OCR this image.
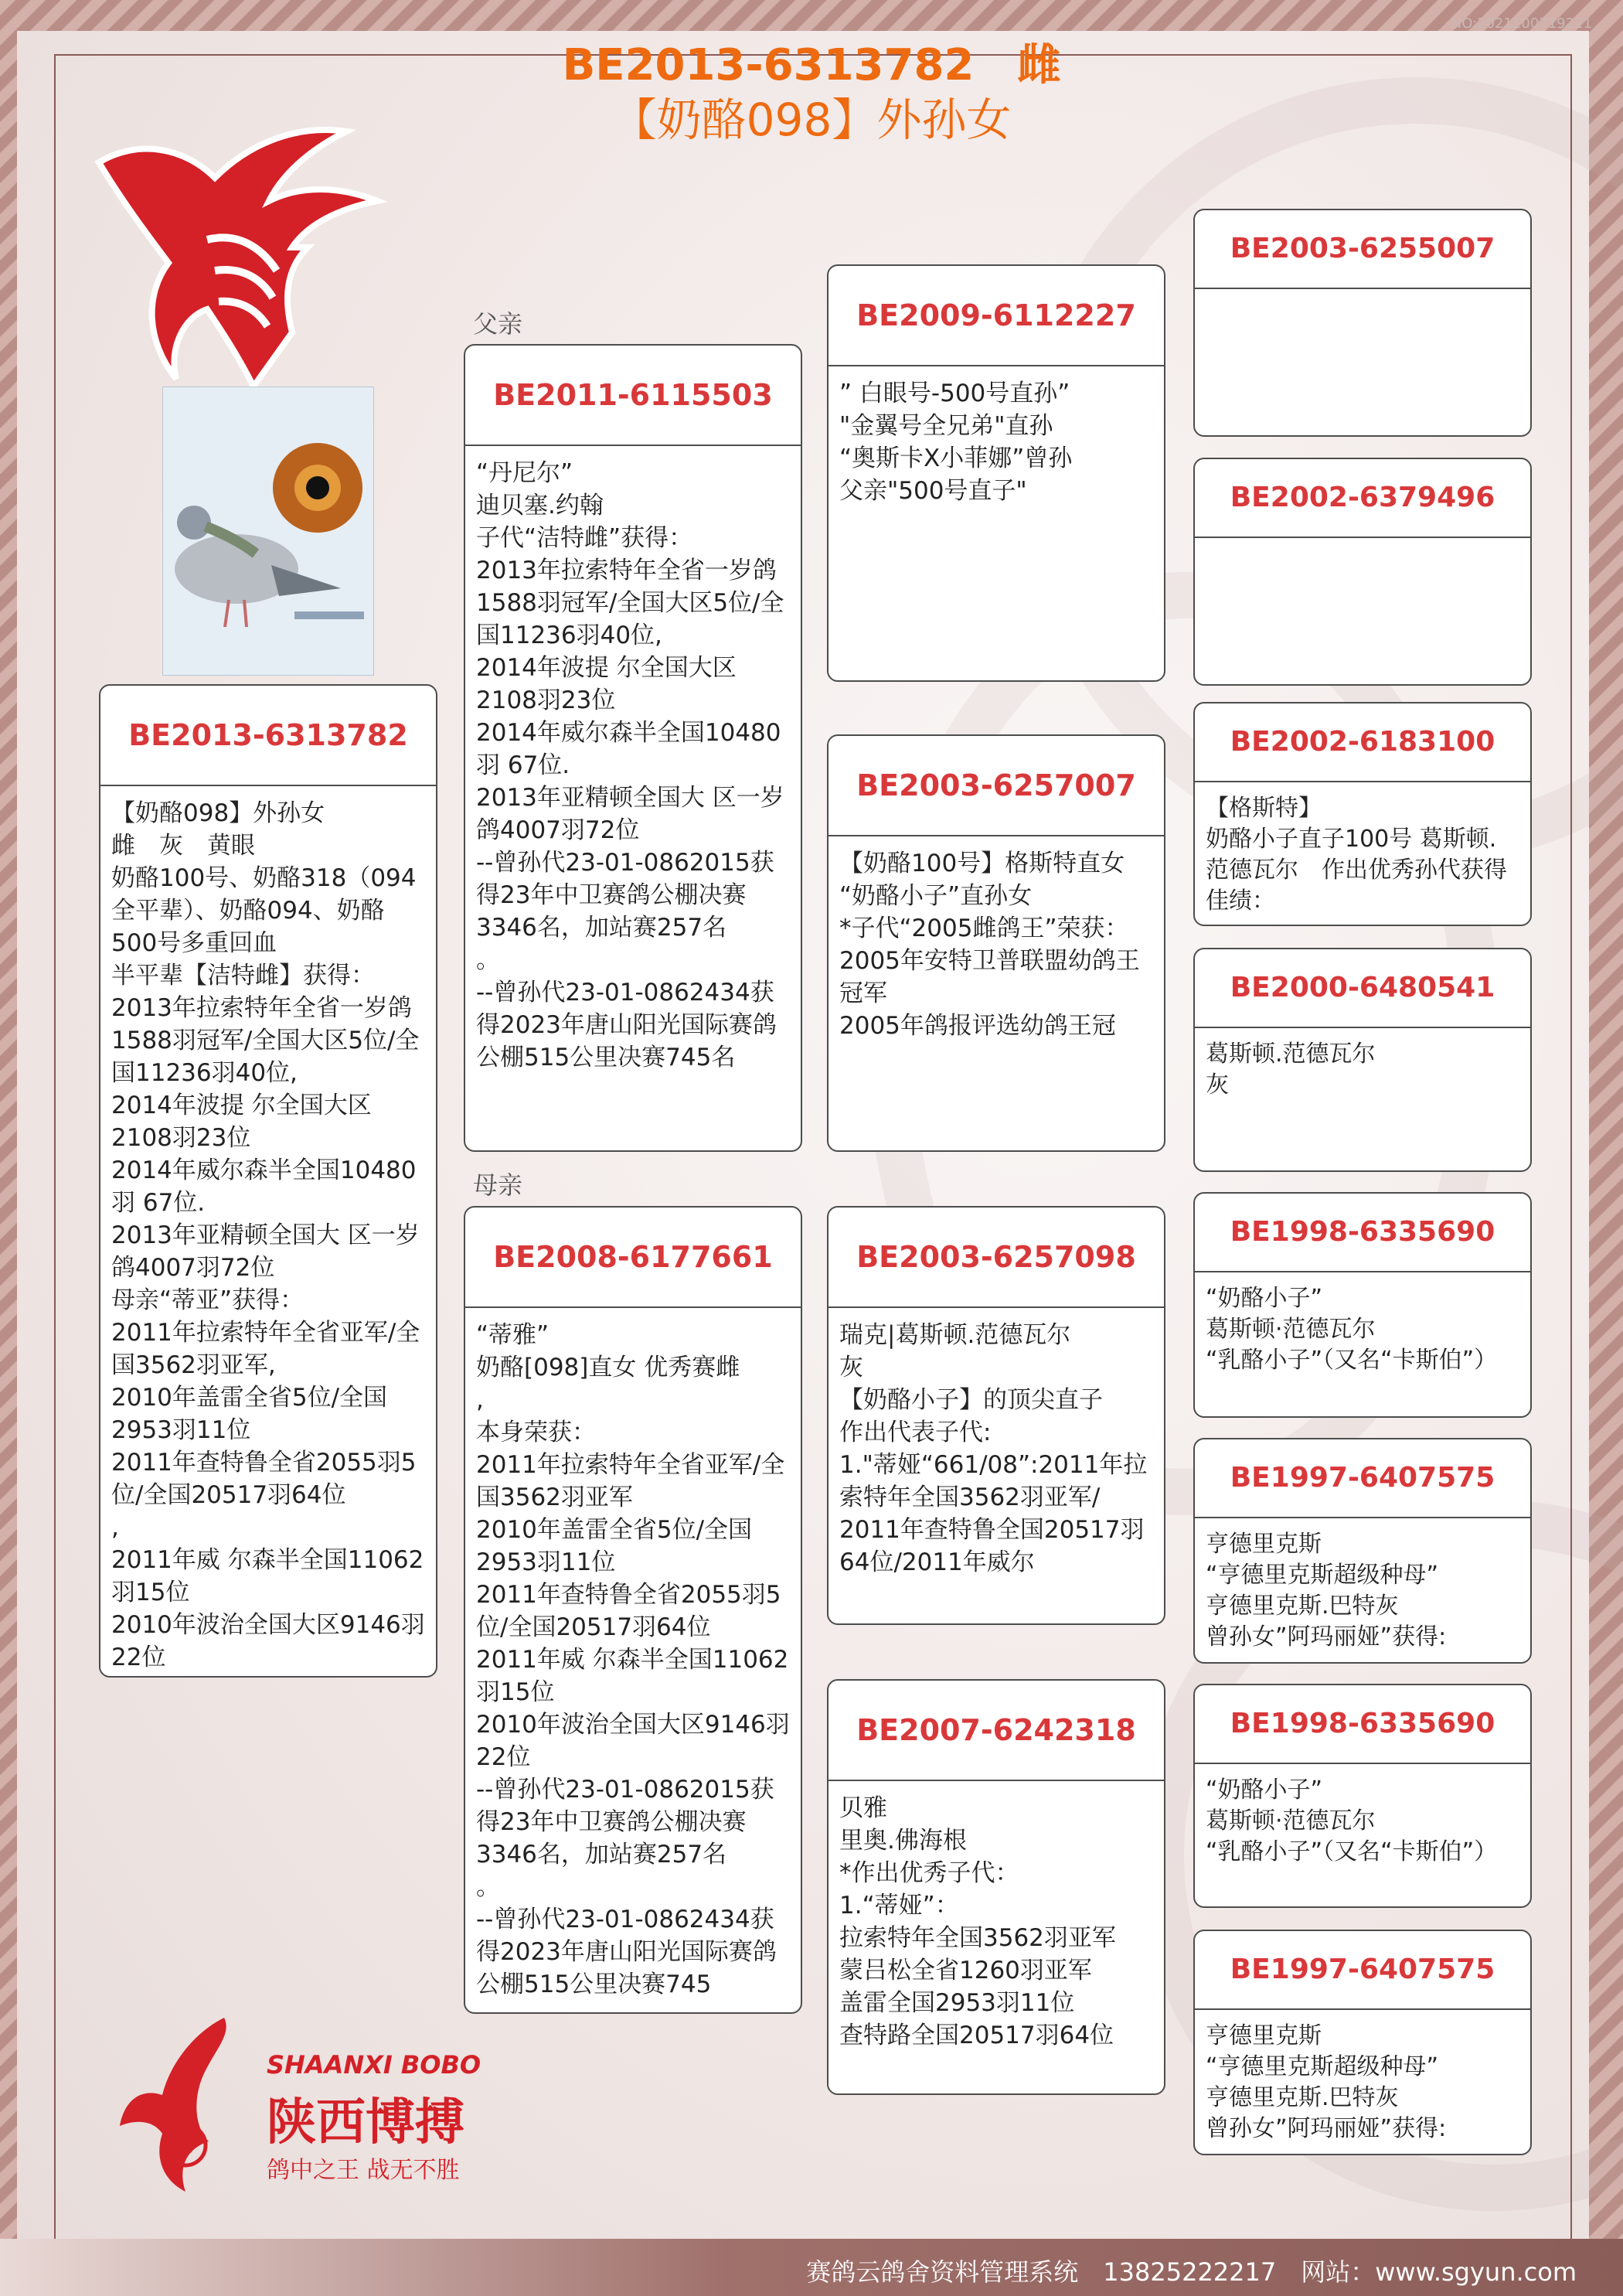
NO:2021100719221
BE2013-6313782　 雌
【奶酪098】外孙女
父亲
母亲
BE2013-6313782
【奶酪098】外孙女
雌　灰　黄眼
奶酪100号、奶酪318（094全平辈）、奶酪094、奶酪500号多重回血
半平辈【洁特雌】获得：
2013年拉索特年全省一岁鸽 1588羽冠军/全国大区5位/全国11236羽40位,
2014年波提 尔全国大区2108羽23位
2014年威尔森半全国10480羽 67位.
2013年亚精顿全国大 区一岁鸽4007羽72位
母亲“蒂亚”获得：
2011年拉索特年全省亚军/全国3562羽亚军,
2010年盖雷全省5位/全国2953羽11位
2011年查特鲁全省2055羽5位/全国20517羽64位
,
2011年威 尔森半全国11062羽15位
2010年波治全国大区9146羽22位
BE2011-6115503
“丹尼尔”
迪贝塞.约翰
子代“洁特雌”获得：
2013年拉索特年全省一岁鸽 1588羽冠军/全国大区5位/全国11236羽40位,
2014年波提 尔全国大区2108羽23位
2014年威尔森半全国10480羽 67位.
2013年亚精顿全国大 区一岁鸽4007羽72位
--曾孙代23-01-0862015获得23年中卫赛鸽公棚决赛3346名，加站赛257名
。
--曾孙代23-01-0862434获得2023年唐山阳光国际赛鸽公棚515公里决赛745名
BE2008-6177661
“蒂雅”
奶酪[098]直女 优秀赛雌
,
本身荣获：
2011年拉索特年全省亚军/全国3562羽亚军
2010年盖雷全省5位/全国2953羽11位
2011年查特鲁全省2055羽5位/全国20517羽64位
2011年威 尔森半全国11062羽15位
2010年波治全国大区9146羽22位
--曾孙代23-01-0862015获得23年中卫赛鸽公棚决赛3346名，加站赛257名
。
--曾孙代23-01-0862434获得2023年唐山阳光国际赛鸽公棚515公里决赛745
BE2009-6112227
” 白眼号-500号直孙”
"金翼号全兄弟"直孙
“奥斯卡X小菲娜”曾孙
父亲"500号直子"
BE2003-6257007
【奶酪100号】格斯特直女
“奶酪小子”直孙女
*子代“2005雌鸽王”荣获：
2005年安特卫普联盟幼鸽王冠军
2005年鸽报评选幼鸽王冠
BE2003-6257098
瑞克|葛斯顿.范德瓦尔
灰
【奶酪小子】的顶尖直子
作出代表子代:
1."蒂娅“661/08”:2011年拉索特年全国3562羽亚军/ 2011年查特鲁全国20517羽64位/2011年威尔
BE2007-6242318
贝雅
里奥.佛海根
*作出优秀子代：
1.“蒂娅”：
拉索特年全国3562羽亚军
蒙吕松全省1260羽亚军
盖雷全国2953羽11位
查特路全国20517羽64位
BE2003-6255007
BE2002-6379496
BE2002-6183100
【格斯特】
奶酪小子直子100号 葛斯顿.范德瓦尔　作出优秀孙代获得佳绩：
BE2000-6480541
葛斯顿.范德瓦尔
灰
BE1998-6335690
“奶酪小子”
葛斯顿·范德瓦尔
“乳酪小子”（又名“卡斯伯”）
BE1997-6407575
亨德里克斯
“亨德里克斯超级种母”
亨德里克斯.巴特灰
曾孙女”阿玛丽娅”获得:
BE1998-6335690
“奶酪小子”
葛斯顿·范德瓦尔
“乳酪小子”（又名“卡斯伯”）
BE1997-6407575
亨德里克斯
“亨德里克斯超级种母”
亨德里克斯.巴特灰
曾孙女”阿玛丽娅”获得:
B
SHAANXI BOBO
陕西博搏
鸽中之王 战无不胜
赛鸽云鸽舍资料管理系统　13825222217　网站：www.sgyun.com
